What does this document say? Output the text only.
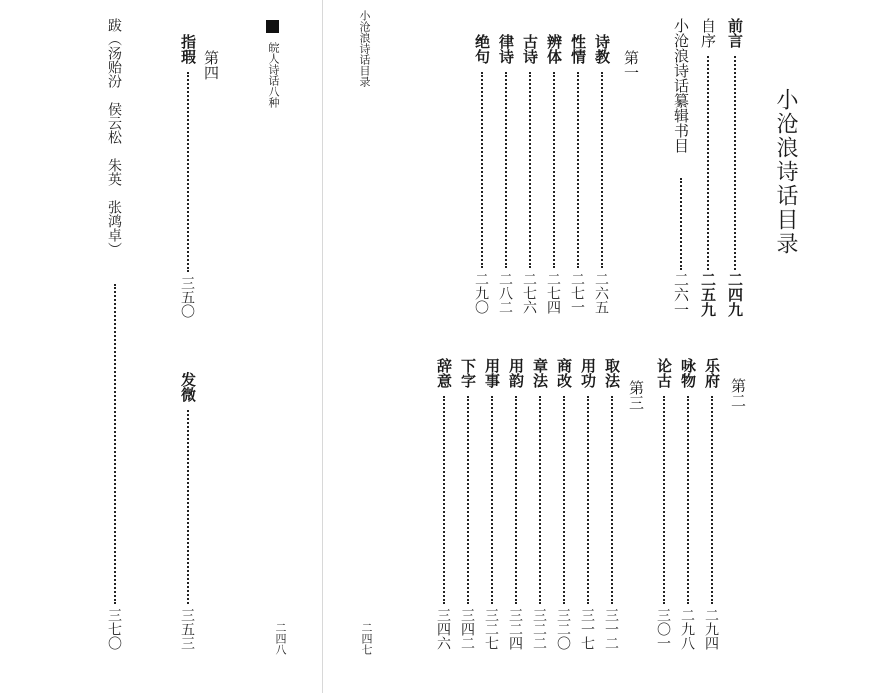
小沧浪诗话目录
前言
二四九
自序
二五九
小沧浪诗话纂辑书目
二六一
第一
诗教
二六五
性情
二七一
辨体
二七四
古诗
二七六
律诗
二八二
绝句
二九〇
第二
乐府
二九四
咏物
二九八
论古
三〇一
第三
取法
三一二
用功
三一七
商改
三二〇
章法
三二二
用韵
三二四
用事
三二七
下字
三四二
辞意
三四六
二四七
小沧浪诗话目录
皖人诗话八种
二四八
第四
指瑕
三五〇
发微
三五三
跋（汤贻汾　侯云松　朱英　张鸿卓）
三七〇
